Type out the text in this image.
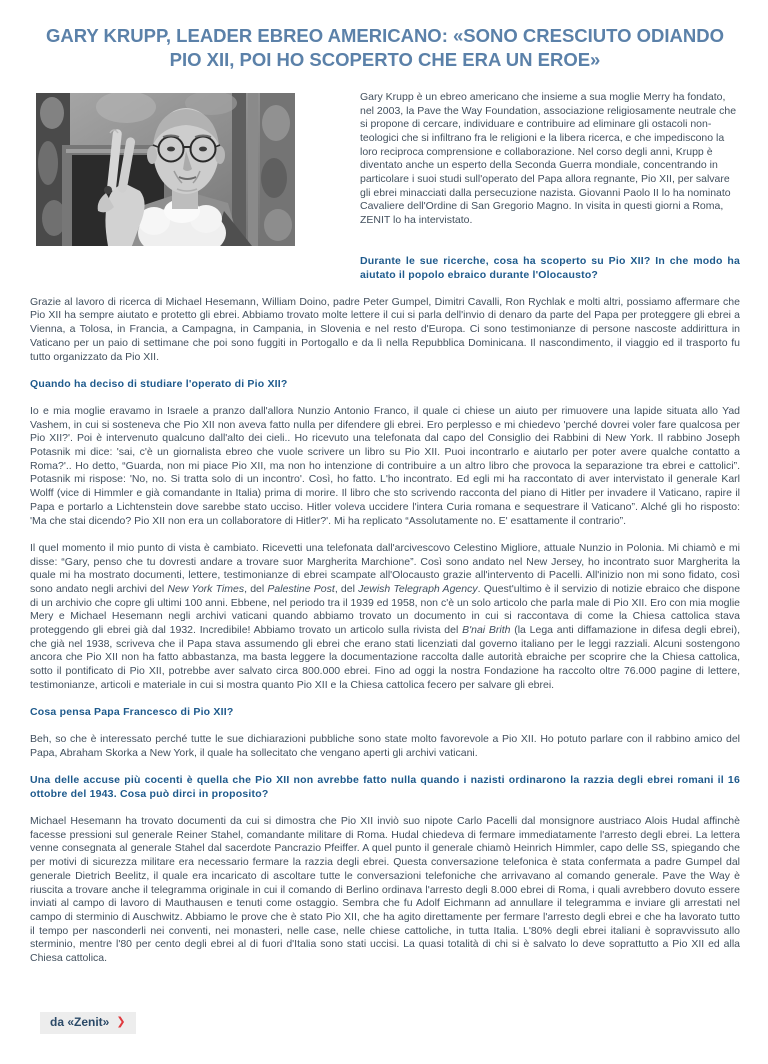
GARY KRUPP, LEADER EBREO AMERICANO: «SONO CRESCIUTO ODIANDO PIO XII, POI HO SCOPERTO CHE ERA UN EROE»

Gary Krupp è un ebreo americano che insieme a sua moglie Merry ha fondato, nel 2003, la Pave the Way Foundation, associazione religiosamente neutrale che si propone di cercare, individuare e contribuire ad eliminare gli ostacoli non-teologici che si infiltrano fra le religioni e la libera ricerca, e che impediscono la loro reciproca comprensione e collaborazione. Nel corso degli anni, Krupp è diventato anche un esperto della Seconda Guerra mondiale, concentrando in particolare i suoi studi sull'operato del Papa allora regnante, Pio XII, per salvare gli ebrei minacciati dalla persecuzione nazista. Giovanni Paolo II lo ha nominato Cavaliere dell'Ordine di San Gregorio Magno. In visita in questi giorni a Roma, ZENIT lo ha intervistato.

Durante le sue ricerche, cosa ha scoperto su Pio XII? In che modo ha aiutato il popolo ebraico durante l'Olocausto?

Grazie al lavoro di ricerca di Michael Hesemann, William Doino, padre Peter Gumpel, Dimitri Cavalli, Ron Rychlak e molti altri, possiamo affermare che Pio XII ha sempre aiutato e protetto gli ebrei. Abbiamo trovato molte lettere il cui si parla dell'invio di denaro da parte del Papa per proteggere gli ebrei a Vienna, a Tolosa, in Francia, a Campagna, in Campania, in Slovenia e nel resto d'Europa. Ci sono testimonianze di persone nascoste addirittura in Vaticano per un paio di settimane che poi sono fuggiti in Portogallo e da lì nella Repubblica Dominicana. Il nascondimento, il viaggio ed il trasporto fu tutto organizzato da Pio XII.

Quando ha deciso di studiare l'operato di Pio XII?

Io e mia moglie eravamo in Israele a pranzo dall'allora Nunzio Antonio Franco, il quale ci chiese un aiuto per rimuovere una lapide situata allo Yad Vashem, in cui si sosteneva che Pio XII non aveva fatto nulla per difendere gli ebrei. Ero perplesso e mi chiedevo 'perché dovrei voler fare qualcosa per Pio XII?'. Poi è intervenuto qualcuno dall'alto dei cieli.. Ho ricevuto una telefonata dal capo del Consiglio dei Rabbini di New York. Il rabbino Joseph Potasnik mi dice: 'sai, c'è un giornalista ebreo che vuole scrivere un libro su Pio XII. Puoi incontrarlo e aiutarlo per poter avere qualche contatto a Roma?'.. Ho detto, “Guarda, non mi piace Pio XII, ma non ho intenzione di contribuire a un altro libro che provoca la separazione tra ebrei e cattolici”. Potasnik mi rispose: 'No, no. Si tratta solo di un incontro'. Così, ho fatto. L'ho incontrato. Ed egli mi ha raccontato di aver intervistato il generale Karl Wolff (vice di Himmler e già comandante in Italia) prima di morire. Il libro che sto scrivendo racconta del piano di Hitler per invadere il Vaticano, rapire il Papa e portarlo a Lichtenstein dove sarebbe stato ucciso. Hitler voleva uccidere l'intera Curia romana e sequestrare il Vaticano”. Alché gli ho risposto: 'Ma che stai dicendo? Pio XII non era un collaboratore di Hitler?'. Mi ha replicato “Assolutamente no. E' esattamente il contrario”.

Il quel momento il mio punto di vista è cambiato. Ricevetti una telefonata dall'arcivescovo Celestino Migliore, attuale Nunzio in Polonia. Mi chiamò e mi disse: “Gary, penso che tu dovresti andare a trovare suor Margherita Marchione”. Così sono andato nel New Jersey, ho incontrato suor Margherita la quale mi ha mostrato documenti, lettere, testimonianze di ebrei scampate all'Olocausto grazie all'intervento di Pacelli. All'inizio non mi sono fidato, così sono andato negli archivi del New York Times, del Palestine Post, del Jewish Telegraph Agency. Quest'ultimo è il servizio di notizie ebraico che dispone di un archivio che copre gli ultimi 100 anni. Ebbene, nel periodo tra il 1939 ed 1958, non c'è un solo articolo che parla male di Pio XII. Ero con mia moglie Mery e Michael Hesemann negli archivi vaticani quando abbiamo trovato un documento in cui si raccontava di come la Chiesa cattolica stava proteggendo gli ebrei già dal 1932. Incredibile! Abbiamo trovato un articolo sulla rivista del B'nai Brith (la Lega anti diffamazione in difesa degli ebrei), che già nel 1938, scriveva che il Papa stava assumendo gli ebrei che erano stati licenziati dal governo italiano per le leggi razziali. Alcuni sostengono ancora che Pio XII non ha fatto abbastanza, ma basta leggere la documentazione raccolta dalle autorità ebraiche per scoprire che la Chiesa cattolica, sotto il pontificato di Pio XII, potrebbe aver salvato circa 800.000 ebrei. Fino ad oggi la nostra Fondazione ha raccolto oltre 76.000 pagine di lettere, testimonianze, articoli e materiale in cui si mostra quanto Pio XII e la Chiesa cattolica fecero per salvare gli ebrei.

Cosa pensa Papa Francesco di Pio XII?

Beh, so che è interessato perché tutte le sue dichiarazioni pubbliche sono state molto favorevole a Pio XII. Ho potuto parlare con il rabbino amico del Papa, Abraham Skorka a New York, il quale ha sollecitato che vengano aperti gli archivi vaticani.

Una delle accuse più cocenti è quella che Pio XII non avrebbe fatto nulla quando i nazisti ordinarono la razzia degli ebrei romani il 16 ottobre del 1943. Cosa può dirci in proposito?

Michael Hesemann ha trovato documenti da cui si dimostra che Pio XII inviò suo nipote Carlo Pacelli dal monsignore austriaco Alois Hudal affinchè facesse pressioni sul generale Reiner Stahel, comandante militare di Roma. Hudal chiedeva di fermare immediatamente l'arresto degli ebrei. La lettera venne consegnata al generale Stahel dal sacerdote Pancrazio Pfeiffer. A quel punto il generale chiamò Heinrich Himmler, capo delle SS, spiegando che per motivi di sicurezza militare era necessario fermare la razzia degli ebrei. Questa conversazione telefonica è stata confermata a padre Gumpel dal generale Dietrich Beelitz, il quale era incaricato di ascoltare tutte le conversazioni telefoniche che arrivavano al comando generale. Pave the Way è riuscita a trovare anche il telegramma originale in cui il comando di Berlino ordinava l'arresto degli 8.000 ebrei di Roma, i quali avrebbero dovuto essere inviati al campo di lavoro di Mauthausen e tenuti come ostaggio. Sembra che fu Adolf Eichmann ad annullare il telegramma e inviare gli arrestati nel campo di sterminio di Auschwitz. Abbiamo le prove che è stato Pio XII, che ha agito direttamente per fermare l'arresto degli ebrei e che ha lavorato tutto il tempo per nasconderli nei conventi, nei monasteri, nelle case, nelle chiese cattoliche, in tutta Italia. L'80% degli ebrei italiani è sopravvissuto allo sterminio, mentre l'80 per cento degli ebrei al di fuori d'Italia sono stati uccisi. La quasi totalità di chi si è salvato lo deve soprattutto a Pio XII ed alla Chiesa cattolica.

da «Zenit» ❯
